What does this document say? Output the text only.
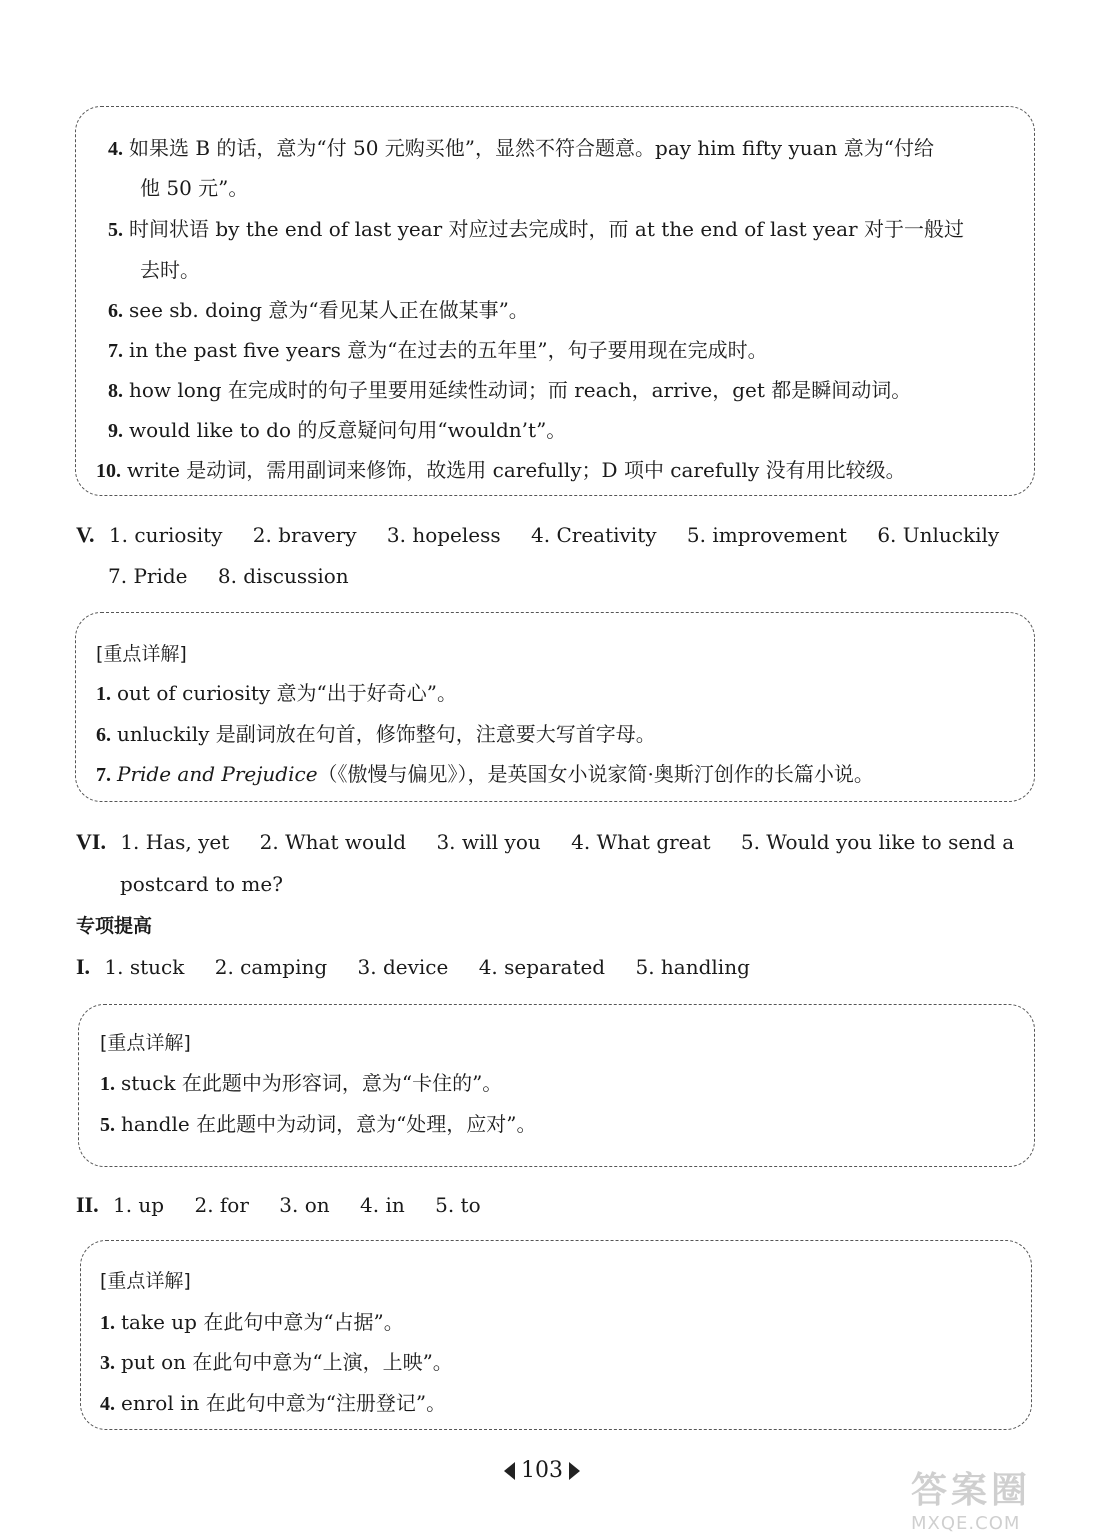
4. 如果选 B 的话，意为“付 50 元购买他”，显然不符合题意。pay him fifty yuan 意为“付给
他 50 元”。
5. 时间状语 by the end of last year 对应过去完成时，而 at the end of last year 对于一般过
去时。
6. see sb. doing 意为“看见某人正在做某事”。
7. in the past five years 意为“在过去的五年里”，句子要用现在完成时。
8. how long 在完成时的句子里要用延续性动词；而 reach，arrive，get 都是瞬间动词。
9. would like to do 的反意疑问句用“wouldn’t”。
10. write 是动词，需用副词来修饰，故选用 carefully；D 项中 carefully 没有用比较级。
V. 1. curiosity 2. bravery 3. hopeless 4. Creativity 5. improvement 6. Unluckily
7. Pride 8. discussion
[重点详解]
1. out of curiosity 意为“出于好奇心”。
6. unluckily 是副词放在句首，修饰整句，注意要大写首字母。
7. Pride and Prejudice（《傲慢与偏见》），是英国女小说家简·奥斯汀创作的长篇小说。
VI. 1. Has, yet 2. What would 3. will you 4. What great 5. Would you like to send a
postcard to me?
专项提高
I. 1. stuck 2. camping 3. device 4. separated 5. handling
[重点详解]
1. stuck 在此题中为形容词，意为“卡住的”。
5. handle 在此题中为动词，意为“处理，应对”。
II. 1. up 2. for 3. on 4. in 5. to
[重点详解]
1. take up 在此句中意为“占据”。
3. put on 在此句中意为“上演，上映”。
4. enrol in 在此句中意为“注册登记”。
103	答案圈
MXQE.COM
